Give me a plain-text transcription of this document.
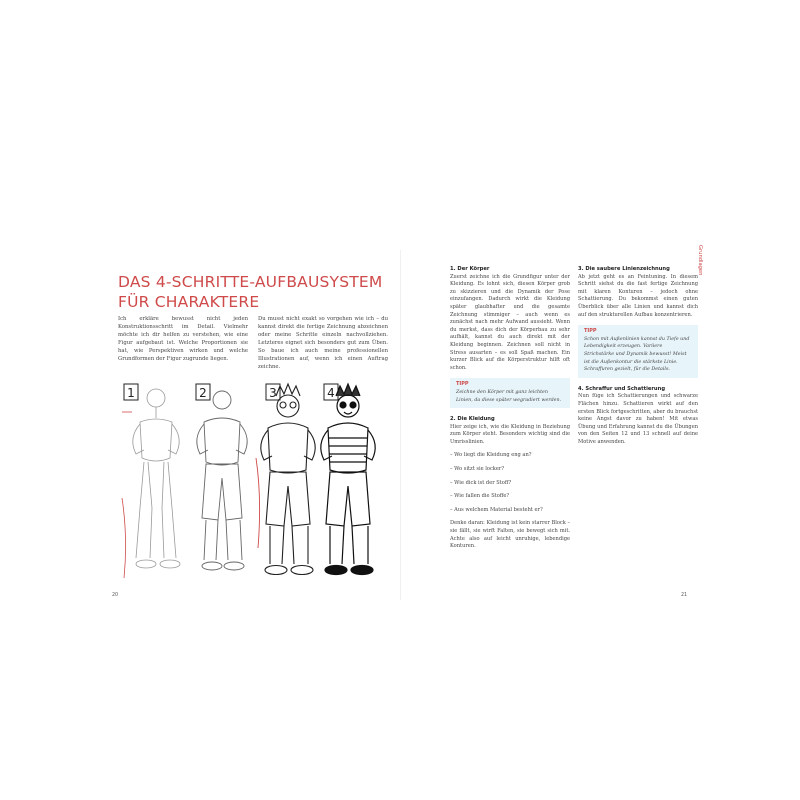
DAS 4-SCHRITTE-AUFBAUSYSTEM
FÜR CHARAKTERE

Ich erkläre bewusst nicht jeden Konstruktionsschritt im Detail. Vielmehr möchte ich dir helfen zu verstehen, wie eine Figur aufgebaut ist. Welche Proportionen sie hat, wie Perspektiven wirken und welche Grundformen der Figur zugrunde liegen.

Du musst nicht exakt so vorgehen wie ich – du kannst direkt die fertige Zeichnung abzeichnen oder meine Schritte einzeln nachvollziehen. Letzteres eignet sich besonders gut zum Üben. So baue ich auch meine professionellen Illustrationen auf, wenn ich einen Auftrag zeichne.

1	2	3	4

1. Der Körper

Zuerst zeichne ich die Grundfigur unter der Kleidung. Es lohnt sich, diesen Körper grob zu skizzieren und die Dynamik der Pose einzufangen. Dadurch wirkt die Kleidung später glaubhafter und die gesamte Zeichnung stimmiger – auch wenn es zunächst nach mehr Aufwand aussieht. Wenn du merkst, dass dich der Körperbau zu sehr aufhält, kannst du auch direkt mit der Kleidung beginnen. Zeichnen soll nicht in Stress ausarten – es soll Spaß machen. Ein kurzer Blick auf die Körperstruktur hilft oft schon.

TIPP
Zeichne den Körper mit ganz leichten Linien, da diese später wegradiert werden.

2. Die Kleidung

Hier zeige ich, wie die Kleidung in Beziehung zum Körper steht. Besonders wichtig sind die Umrisslinien.

– Wo liegt die Kleidung eng an?
– Wo sitzt sie locker?
– Wie dick ist der Stoff?
– Wie fallen die Stoffe?
– Aus welchem Material besteht er?

Denke daran: Kleidung ist kein starrer Block – sie fällt, sie wirft Falten, sie bewegt sich mit. Achte also auf leicht unruhige, lebendige Konturen.

3. Die saubere Linienzeichnung

Ab jetzt geht es an Feintuning. In diesem Schritt siehst du die fast fertige Zeichnung mit klaren Konturen – jedoch ohne Schattierung. Du bekommst einen guten Überblick über alle Linien und kannst dich auf den strukturellen Aufbau konzentrieren.

TIPP
Schon mit Außenlinien kannst du Tiefe und Lebendigkeit erzeugen. Variiere Strichstärke und Dynamik bewusst! Meist ist die Außenkontur die stärkste Linie. Schraffuren gezielt, für die Details.

4. Schraffur und Schattierung

Nun füge ich Schattierungen und schwarze Flächen hinzu. Schattieren wirkt auf den ersten Blick fortgeschritten, aber du brauchst keine Angst davor zu haben! Mit etwas Übung und Erfahrung kannst du die Übungen von den Seiten 12 und 13 schnell auf deine Motive anwenden.

20	21
Grundlagen
